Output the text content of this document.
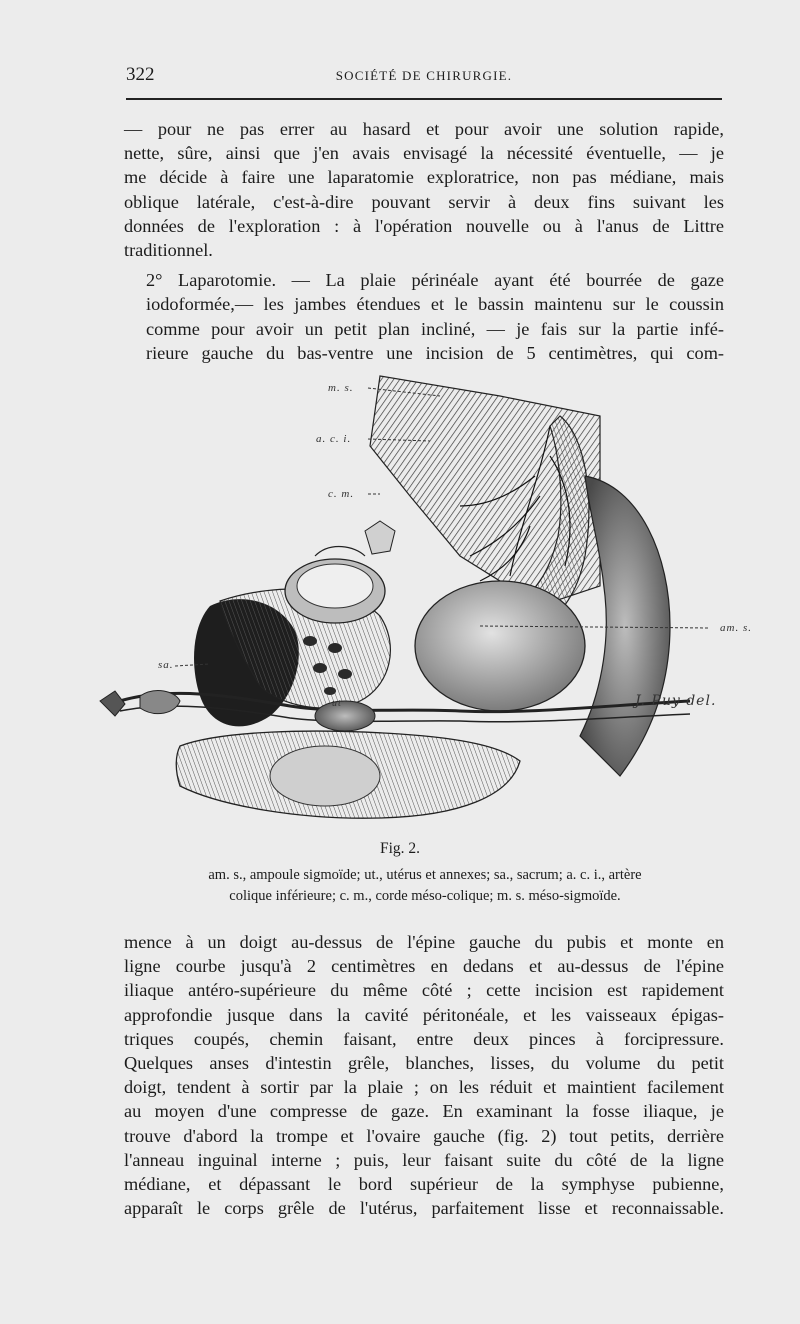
322	SOCIÉTÉ DE CHIRURGIE.

— pour ne pas errer au hasard et pour avoir une solution rapide,
nette, sûre, ainsi que j'en avais envisagé la nécessité éventuelle, — je
me décide à faire une laparatomie exploratrice, non pas médiane, mais
oblique latérale, c'est-à-dire pouvant servir à deux fins suivant les
données de l'exploration : à l'opération nouvelle ou à l'anus de Littre
traditionnel.

2° Laparotomie. — La plaie périnéale ayant été bourrée de gaze
iodoformée,— les jambes étendues et le bassin maintenu sur le coussin
comme pour avoir un petit plan incliné, — je fais sur la partie infé-
rieure gauche du bas-ventre une incision de 5 centimètres, qui com-

m. s.
a. c. i.
c. m.
am. s.
sa.
ut	J. Puy del.
Fig. 2.
am. s., ampoule sigmoïde; ut., utérus et annexes; sa., sacrum; a. c. i., artère
colique inférieure; c. m., corde méso-colique; m. s. méso-sigmoïde.

mence à un doigt au-dessus de l'épine gauche du pubis et monte en
ligne courbe jusqu'à 2 centimètres en dedans et au-dessus de l'épine
iliaque antéro-supérieure du même côté ; cette incision est rapidement
approfondie jusque dans la cavité péritonéale, et les vaisseaux épigas-
triques coupés, chemin faisant, entre deux pinces à forcipressure.
Quelques anses d'intestin grêle, blanches, lisses, du volume du petit
doigt, tendent à sortir par la plaie ; on les réduit et maintient facilement
au moyen d'une compresse de gaze. En examinant la fosse iliaque, je
trouve d'abord la trompe et l'ovaire gauche (fig. 2) tout petits, derrière
l'anneau inguinal interne ; puis, leur faisant suite du côté de la ligne
médiane, et dépassant le bord supérieur de la symphyse pubienne,
apparaît le corps grêle de l'utérus, parfaitement lisse et reconnaissable.
